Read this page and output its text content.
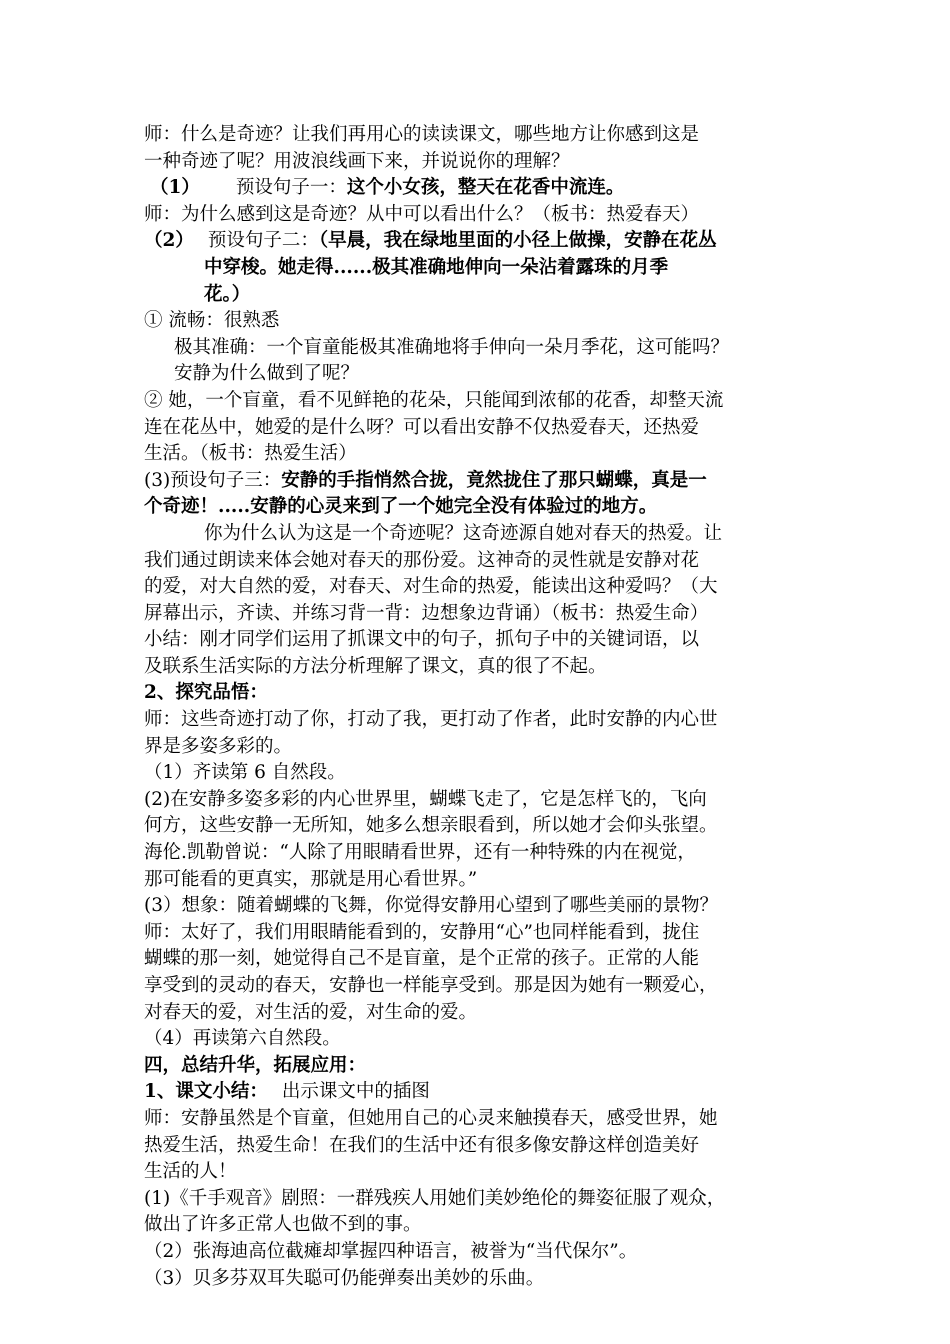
师：什么是奇迹？让我们再用心的读读课文，哪些地方让你感到这是
一种奇迹了呢？用波浪线画下来，并说说你的理解？
（1） 预设句子一：这个小女孩，整天在花香中流连。
师：为什么感到这是奇迹？从中可以看出什么？（板书：热爱春天）
（2） 预设句子二：（早晨，我在绿地里面的小径上做操，安静在花丛
中穿梭。她走得......极其准确地伸向一朵沾着露珠的月季
花。）
① 流畅：很熟悉
极其准确：一个盲童能极其准确地将手伸向一朵月季花，这可能吗？
安静为什么做到了呢？
② 她，一个盲童，看不见鲜艳的花朵，只能闻到浓郁的花香，却整天流
连在花丛中，她爱的是什么呀？可以看出安静不仅热爱春天，还热爱
生活。（板书：热爱生活）
(3)预设句子三：安静的手指悄然合拢，竟然拢住了那只蝴蝶，真是一
个奇迹！.....安静的心灵来到了一个她完全没有体验过的地方。
你为什么认为这是一个奇迹呢？这奇迹源自她对春天的热爱。让
我们通过朗读来体会她对春天的那份爱。这神奇的灵性就是安静对花
的爱，对大自然的爱，对春天、对生命的热爱，能读出这种爱吗？（大
屏幕出示，齐读、并练习背一背：边想象边背诵）（板书：热爱生命）
小结：刚才同学们运用了抓课文中的句子，抓句子中的关键词语，以
及联系生活实际的方法分析理解了课文，真的很了不起。
2、探究品悟：
师：这些奇迹打动了你，打动了我，更打动了作者，此时安静的内心世
界是多姿多彩的。
（1）齐读第 6 自然段。
(2)在安静多姿多彩的内心世界里，蝴蝶飞走了，它是怎样飞的，飞向
何方，这些安静一无所知，她多么想亲眼看到，所以她才会仰头张望。
海伦.凯勒曾说：“人除了用眼睛看世界，还有一种特殊的内在视觉，
那可能看的更真实，那就是用心看世界。”
(3）想象：随着蝴蝶的飞舞，你觉得安静用心望到了哪些美丽的景物？
师：太好了，我们用眼睛能看到的，安静用“心”也同样能看到，拢住
蝴蝶的那一刻，她觉得自己不是盲童，是个正常的孩子。正常的人能
享受到的灵动的春天，安静也一样能享受到。那是因为她有一颗爱心，
对春天的爱，对生活的爱，对生命的爱。
（4）再读第六自然段。
四，总结升华，拓展应用：
1、课文小结： 出示课文中的插图
师：安静虽然是个盲童，但她用自己的心灵来触摸春天，感受世界，她
热爱生活，热爱生命！在我们的生活中还有很多像安静这样创造美好
生活的人！
(1)《千手观音》剧照：一群残疾人用她们美妙绝伦的舞姿征服了观众，
做出了许多正常人也做不到的事。
（2）张海迪高位截瘫却掌握四种语言，被誉为“当代保尔”。
（3）贝多芬双耳失聪可仍能弹奏出美妙的乐曲。
